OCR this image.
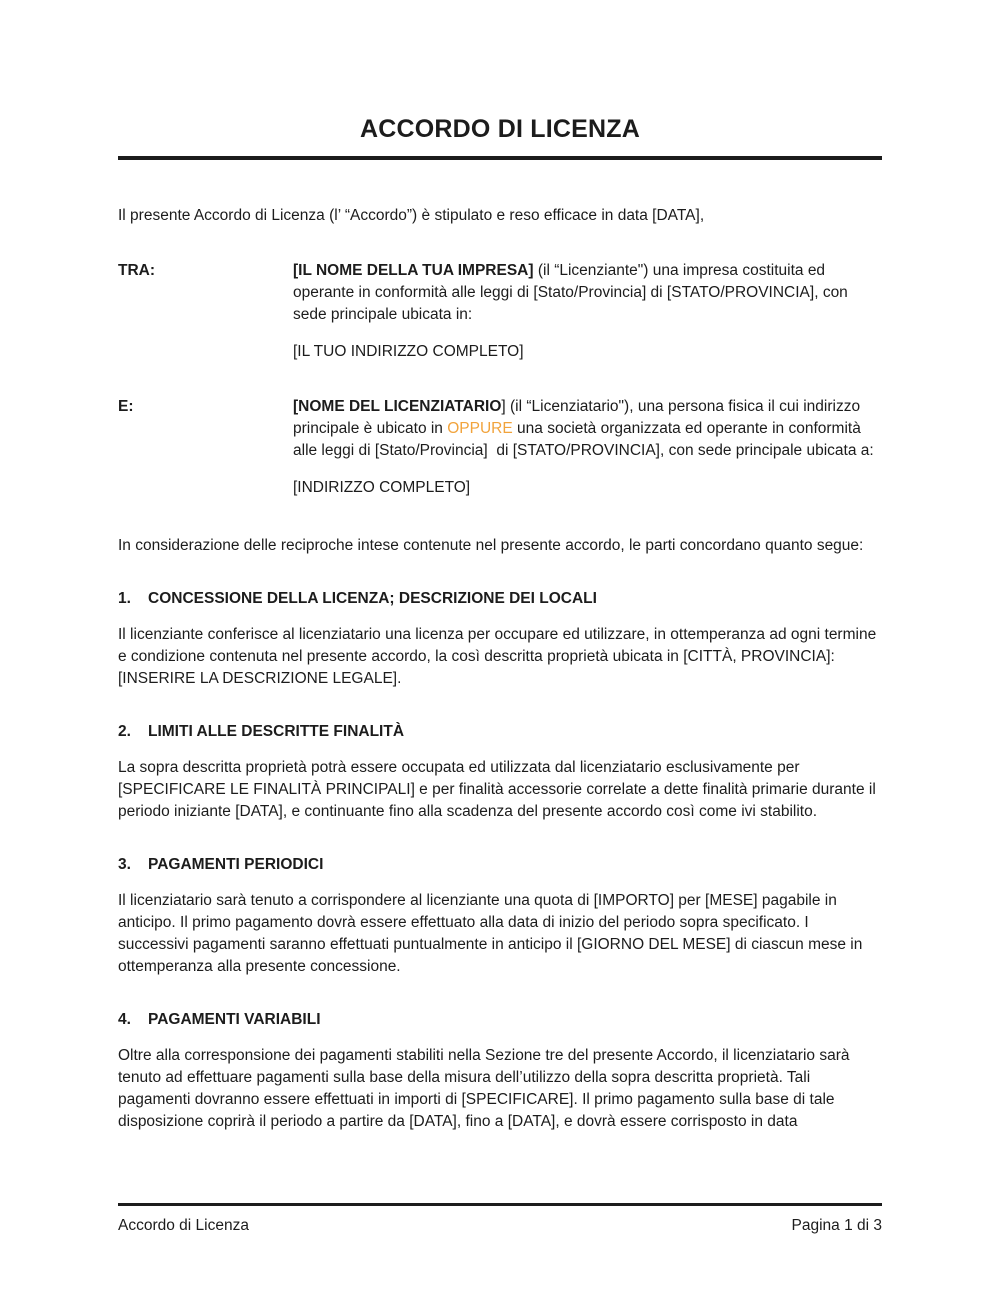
ACCORDO DI LICENZA

Il presente Accordo di Licenza (l’ “Accordo”) è stipulato e reso efficace in data [DATA],

TRA:	[IL NOME DELLA TUA IMPRESA] (il “Licenziante") una impresa costituita ed operante in conformità alle leggi di [Stato/Provincia] di [STATO/PROVINCIA], con sede principale ubicata in:

[IL TUO INDIRIZZO COMPLETO]

E:	[NOME DEL LICENZIATARIO] (il “Licenziatario"), una persona fisica il cui indirizzo principale è ubicato in OPPURE una società organizzata ed operante in conformità alle leggi di [Stato/Provincia]  di [STATO/PROVINCIA], con sede principale ubicata a:

[INDIRIZZO COMPLETO]

In considerazione delle reciproche intese contenute nel presente accordo, le parti concordano quanto segue:

1.	CONCESSIONE DELLA LICENZA; DESCRIZIONE DEI LOCALI

Il licenziante conferisce al licenziatario una licenza per occupare ed utilizzare, in ottemperanza ad ogni termine e condizione contenuta nel presente accordo, la così descritta proprietà ubicata in [CITTÀ, PROVINCIA]: [INSERIRE LA DESCRIZIONE LEGALE].

2.	LIMITI ALLE DESCRITTE FINALITÀ

La sopra descritta proprietà potrà essere occupata ed utilizzata dal licenziatario esclusivamente per [SPECIFICARE LE FINALITÀ PRINCIPALI] e per finalità accessorie correlate a dette finalità primarie durante il periodo iniziante [DATA], e continuante fino alla scadenza del presente accordo così come ivi stabilito.

3.	PAGAMENTI PERIODICI

Il licenziatario sarà tenuto a corrispondere al licenziante una quota di [IMPORTO] per [MESE] pagabile in anticipo. Il primo pagamento dovrà essere effettuato alla data di inizio del periodo sopra specificato. I successivi pagamenti saranno effettuati puntualmente in anticipo il [GIORNO DEL MESE] di ciascun mese in ottemperanza alla presente concessione.

4.	PAGAMENTI VARIABILI

Oltre alla corresponsione dei pagamenti stabiliti nella Sezione tre del presente Accordo, il licenziatario sarà tenuto ad effettuare pagamenti sulla base della misura dell’utilizzo della sopra descritta proprietà. Tali pagamenti dovranno essere effettuati in importi di [SPECIFICARE]. Il primo pagamento sulla base di tale disposizione coprirà il periodo a partire da [DATA], fino a [DATA], e dovrà essere corrisposto in data

Accordo di Licenza	Pagina 1 di 3
